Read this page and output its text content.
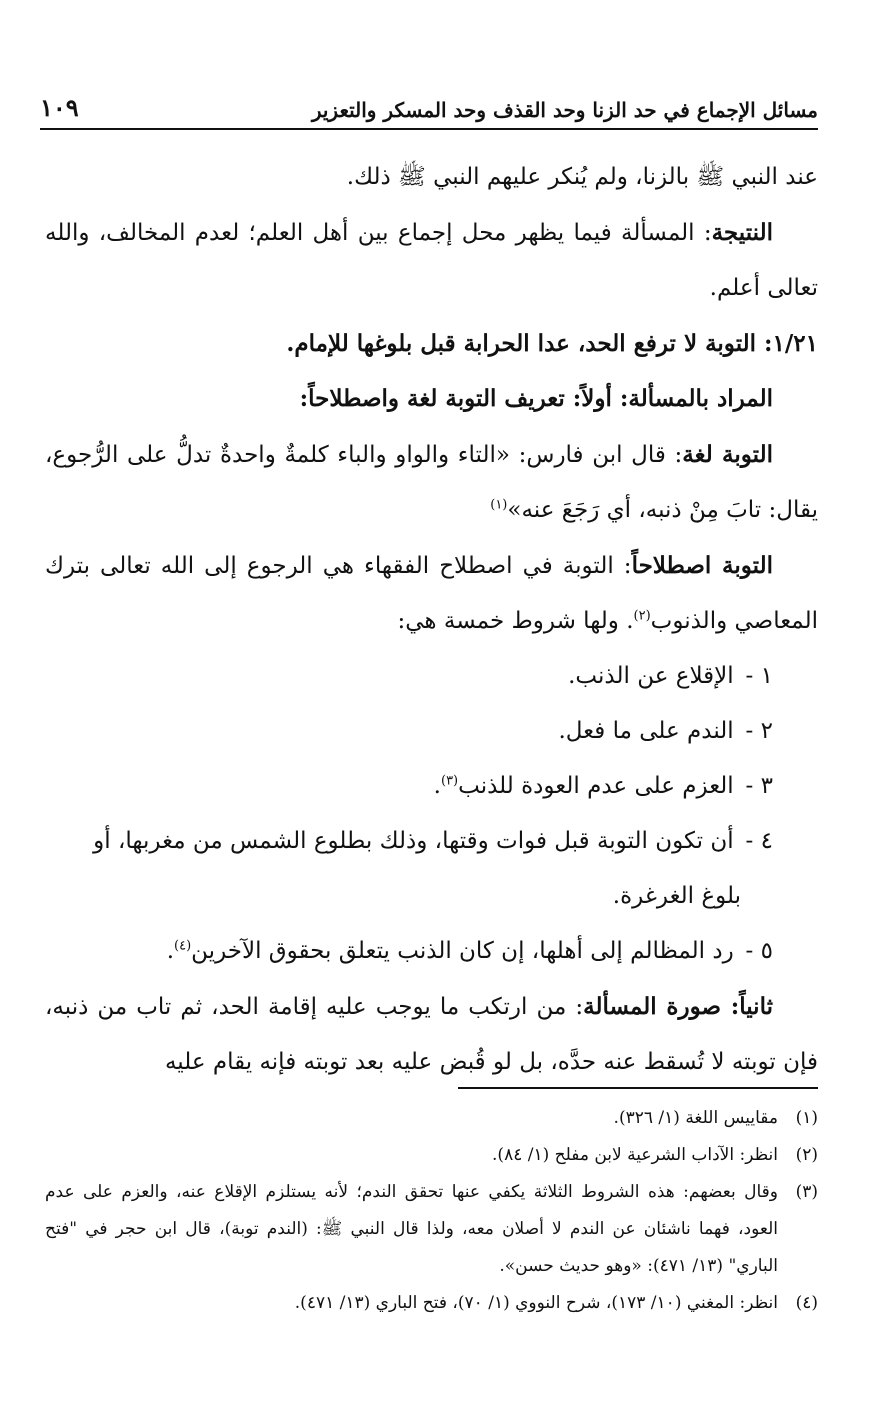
مسائل الإجماع في حد الزنا وحد القذف وحد المسكر والتعزير
١٠٩

عند النبي ﷺ بالزنا، ولم يُنكر عليهم النبي ﷺ ذلك.

النتيجة: المسألة فيما يظهر محل إجماع بين أهل العلم؛ لعدم المخالف، والله تعالى أعلم.

١/٢١: التوبة لا ترفع الحد، عدا الحرابة قبل بلوغها للإمام.

المراد بالمسألة: أولاً: تعريف التوبة لغة واصطلاحاً:

التوبة لغة: قال ابن فارس: «التاء والواو والباء كلمةٌ واحدةٌ تدلُّ على الرُّجوع، يقال: تابَ مِنْ ذنبه، أي رَجَعَ عنه»$^{(١)}$

التوبة اصطلاحاً: التوبة في اصطلاح الفقهاء هي الرجوع إلى الله تعالى بترك المعاصي والذنوب$^{(٢)}$. ولها شروط خمسة هي:

١ - الإقلاع عن الذنب.

٢ - الندم على ما فعل.

٣ - العزم على عدم العودة للذنب$^{(٣)}$.

٤ - أن تكون التوبة قبل فوات وقتها، وذلك بطلوع الشمس من مغربها، أو

بلوغ الغرغرة.

٥ - رد المظالم إلى أهلها، إن كان الذنب يتعلق بحقوق الآخرين$^{(٤)}$.

ثانياً: صورة المسألة: من ارتكب ما يوجب عليه إقامة الحد، ثم تاب من ذنبه، فإن توبته لا تُسقط عنه حدَّه، بل لو قُبض عليه بعد توبته فإنه يقام عليه

(١)مقاييس اللغة (١/ ٣٢٦).

(٢)انظر: الآداب الشرعية لابن مفلح (١/ ٨٤).

(٣)وقال بعضهم: هذه الشروط الثلاثة يكفي عنها تحقق الندم؛ لأنه يستلزم الإقلاع عنه، والعزم على عدم العود، فهما ناشئان عن الندم لا أصلان معه، ولذا قال النبي ﷺ: (الندم توبة)، قال ابن حجر في "فتح الباري" (١٣/ ٤٧١): «وهو حديث حسن».

(٤)انظر: المغني (١٠/ ١٧٣)، شرح النووي (١/ ٧٠)، فتح الباري (١٣/ ٤٧١).
